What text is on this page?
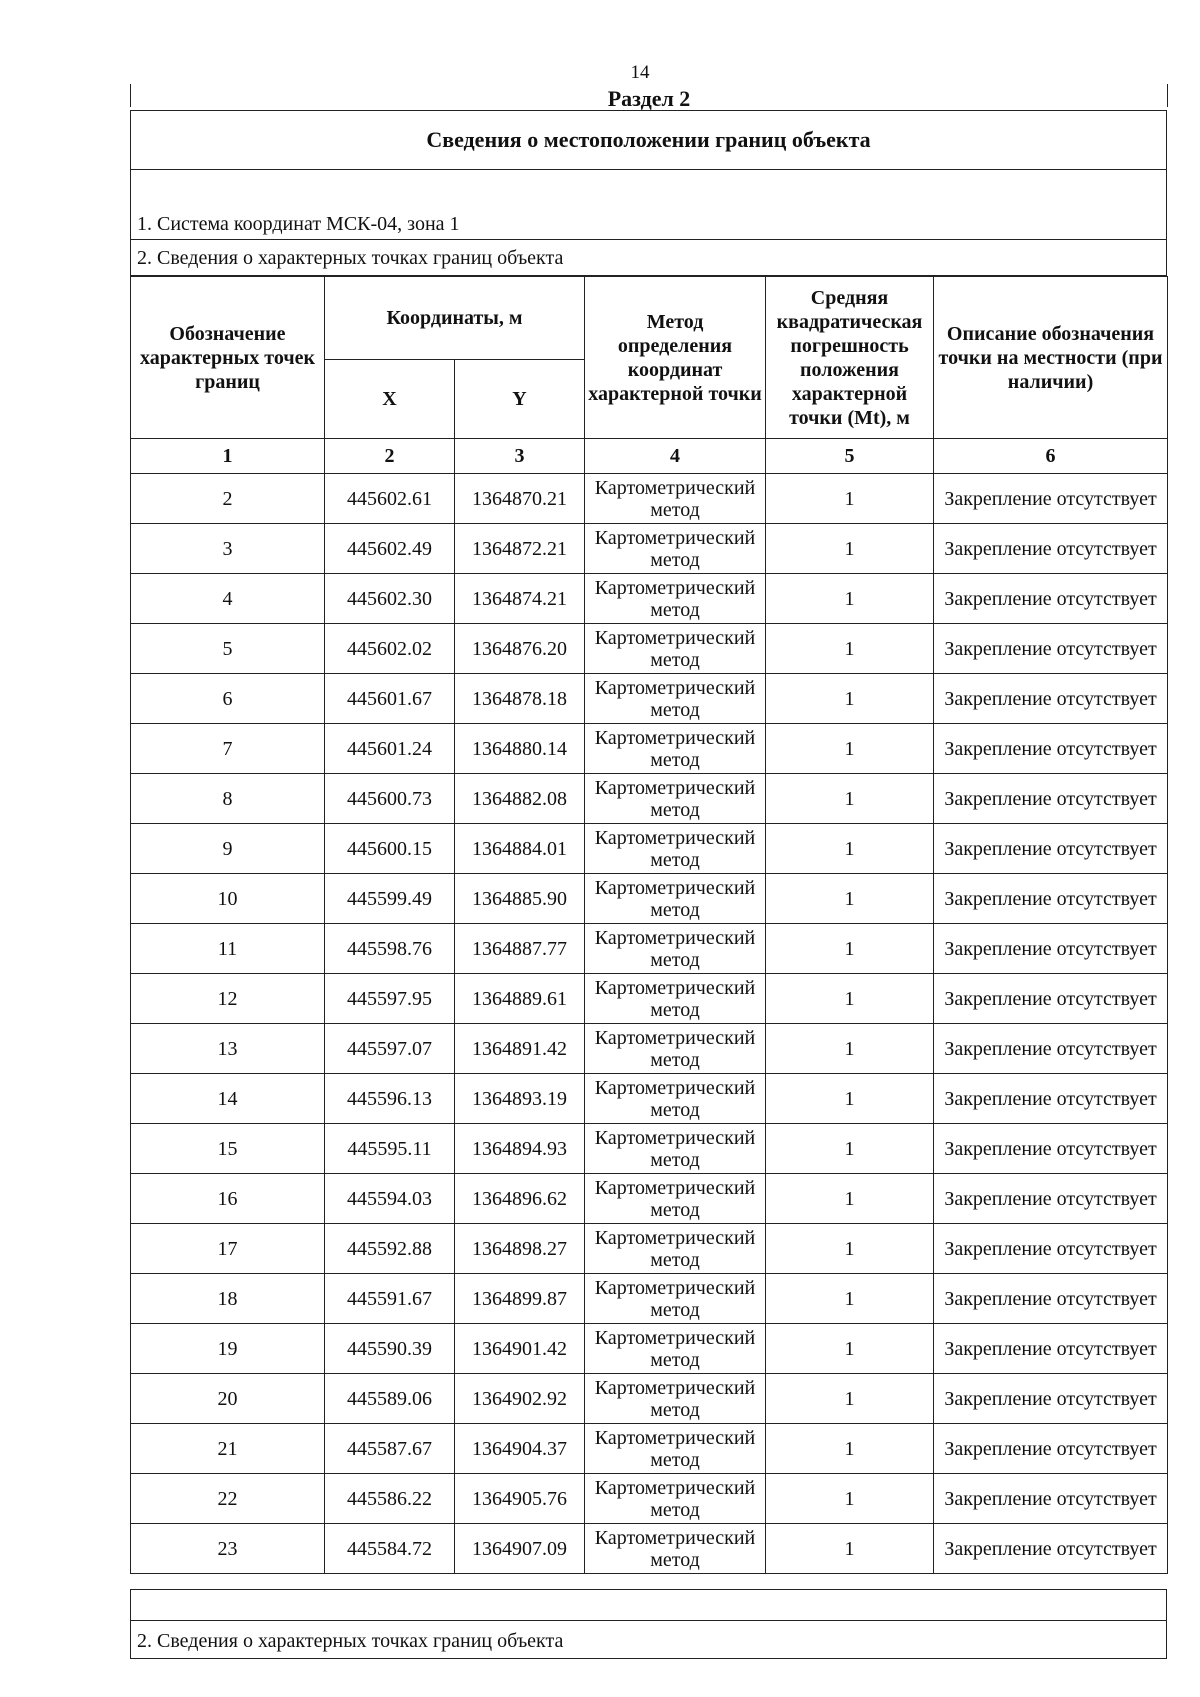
14
Раздел 2
Сведения о местоположении границ объекта
1. Система координат МСК-04, зона 1
2. Сведения о характерных точках границ объекта
Обозначение характерных точек границ	Координаты, м		Метод определения координат характерной точки	Средняя квадратическая погрешность положения характерной точки (Mt), м	Описание обозначения точки на местности (при наличии)
	X	Y			
1	2	3	4	5	6
2	445602.61	1364870.21	Картометрический метод	1	Закрепление отсутствует
3	445602.49	1364872.21	Картометрический метод	1	Закрепление отсутствует
4	445602.30	1364874.21	Картометрический метод	1	Закрепление отсутствует
5	445602.02	1364876.20	Картометрический метод	1	Закрепление отсутствует
6	445601.67	1364878.18	Картометрический метод	1	Закрепление отсутствует
7	445601.24	1364880.14	Картометрический метод	1	Закрепление отсутствует
8	445600.73	1364882.08	Картометрический метод	1	Закрепление отсутствует
9	445600.15	1364884.01	Картометрический метод	1	Закрепление отсутствует
10	445599.49	1364885.90	Картометрический метод	1	Закрепление отсутствует
11	445598.76	1364887.77	Картометрический метод	1	Закрепление отсутствует
12	445597.95	1364889.61	Картометрический метод	1	Закрепление отсутствует
13	445597.07	1364891.42	Картометрический метод	1	Закрепление отсутствует
14	445596.13	1364893.19	Картометрический метод	1	Закрепление отсутствует
15	445595.11	1364894.93	Картометрический метод	1	Закрепление отсутствует
16	445594.03	1364896.62	Картометрический метод	1	Закрепление отсутствует
17	445592.88	1364898.27	Картометрический метод	1	Закрепление отсутствует
18	445591.67	1364899.87	Картометрический метод	1	Закрепление отсутствует
19	445590.39	1364901.42	Картометрический метод	1	Закрепление отсутствует
20	445589.06	1364902.92	Картометрический метод	1	Закрепление отсутствует
21	445587.67	1364904.37	Картометрический метод	1	Закрепление отсутствует
22	445586.22	1364905.76	Картометрический метод	1	Закрепление отсутствует
23	445584.72	1364907.09	Картометрический метод	1	Закрепление отсутствует
2. Сведения о характерных точках границ объекта
